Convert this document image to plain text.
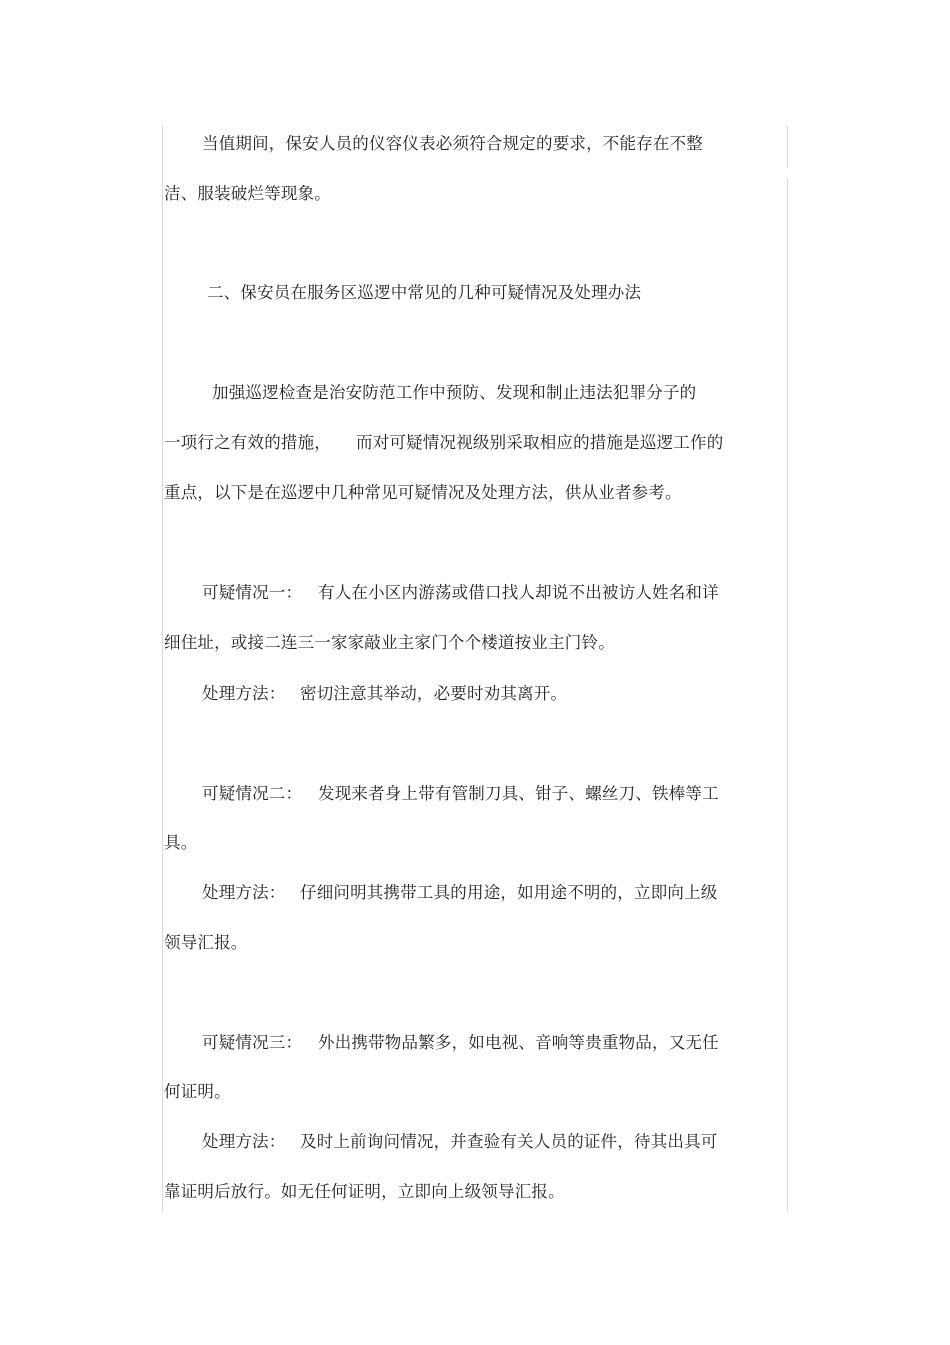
当值期间，保安人员的仪容仪表必须符合规定的要求，不能存在不整
洁、服装破烂等现象。
二、保安员在服务区巡逻中常见的几种可疑情况及处理办法
加强巡逻检查是治安防范工作中预防、发现和制止违法犯罪分子的
一项行之有效的措施， 而对可疑情况视级别采取相应的措施是巡逻工作的
重点，以下是在巡逻中几种常见可疑情况及处理方法，供从业者参考。
可疑情况一： 有人在小区内游荡或借口找人却说不出被访人姓名和详
细住址，或接二连三一家家敲业主家门个个楼道按业主门铃。
处理方法： 密切注意其举动，必要时劝其离开。
可疑情况二： 发现来者身上带有管制刀具、钳子、螺丝刀、铁棒等工
具。
处理方法： 仔细问明其携带工具的用途，如用途不明的，立即向上级
领导汇报。
可疑情况三： 外出携带物品繁多，如电视、音响等贵重物品，又无任
何证明。
处理方法： 及时上前询问情况，并查验有关人员的证件，待其出具可
靠证明后放行。如无任何证明，立即向上级领导汇报。
